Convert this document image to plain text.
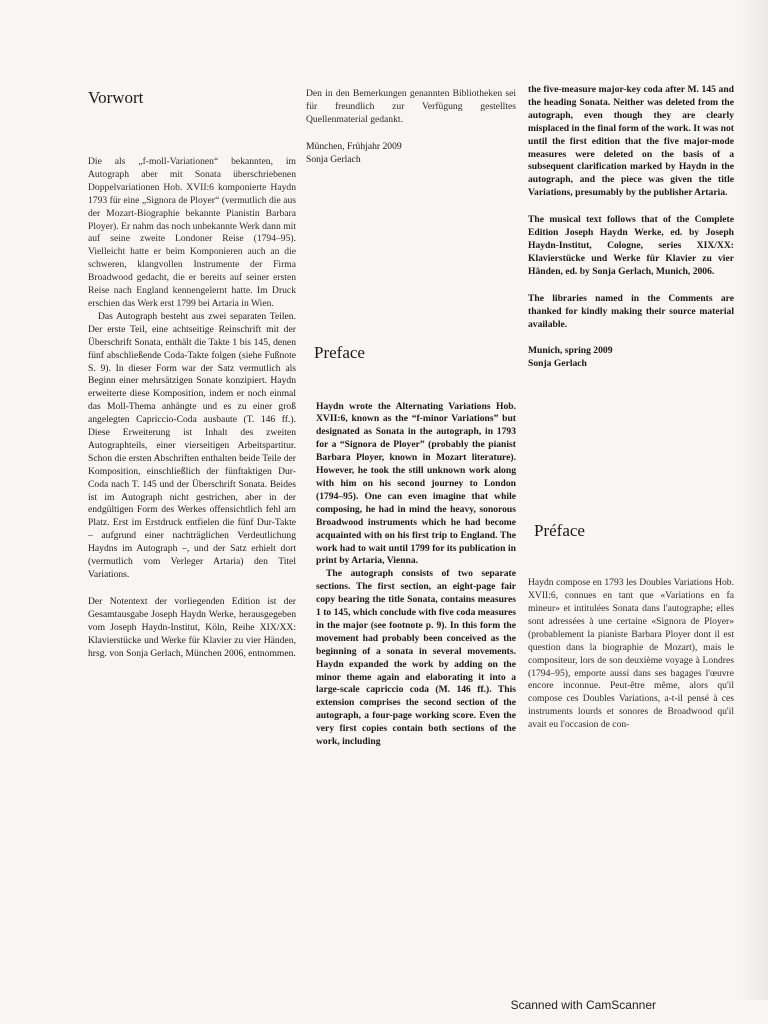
Vorwort

Die als „f-moll-Variationen“ bekannten, im Autograph aber mit Sonata überschriebenen Doppelvariationen Hob. XVII:6 komponierte Haydn 1793 für eine „Signora de Ployer“ (vermutlich die aus der Mozart-Biographie bekannte Pianistin Barbara Ployer). Er nahm das noch unbekannte Werk dann mit auf seine zweite Londoner Reise (1794–95). Vielleicht hatte er beim Komponieren auch an die schweren, klangvollen Instrumente der Firma Broadwood gedacht, die er bereits auf seiner ersten Reise nach England kennengelernt hatte. Im Druck erschien das Werk erst 1799 bei Artaria in Wien.

Das Autograph besteht aus zwei separaten Teilen. Der erste Teil, eine achtseitige Reinschrift mit der Überschrift Sonata, enthält die Takte 1 bis 145, denen fünf abschließende Coda-Takte folgen (siehe Fußnote S. 9). In dieser Form war der Satz vermutlich als Beginn einer mehrsätzigen Sonate konzipiert. Haydn erweiterte diese Komposition, indem er noch einmal das Moll-Thema anhängte und es zu einer groß angelegten Capriccio-Coda ausbaute (T. 146 ff.). Diese Erweiterung ist Inhalt des zweiten Autographteils, einer vierseitigen Arbeitspartitur. Schon die ersten Abschriften enthalten beide Teile der Komposition, einschließlich der fünftaktigen Dur-Coda nach T. 145 und der Überschrift Sonata. Beides ist im Autograph nicht gestrichen, aber in der endgültigen Form des Werkes offensichtlich fehl am Platz. Erst im Erstdruck entfielen die fünf Dur-Takte – aufgrund einer nachträglichen Verdeutlichung Haydns im Autograph –, und der Satz erhielt dort (vermutlich vom Verleger Artaria) den Titel Variations.

Der Notentext der vorliegenden Edition ist der Gesamtausgabe Joseph Haydn Werke, herausgegeben vom Joseph Haydn-Institut, Köln, Reihe XIX/XX: Klavierstücke und Werke für Klavier zu vier Händen, hrsg. von Sonja Gerlach, München 2006, entnommen.

Den in den Bemerkungen genannten Bibliotheken sei für freundlich zur Verfügung gestelltes Quellenmaterial gedankt.

München, Frühjahr 2009

Sonja Gerlach

Preface

Haydn wrote the Alternating Variations Hob. XVII:6, known as the “f-minor Variations” but designated as Sonata in the autograph, in 1793 for a “Signora de Ployer” (probably the pianist Barbara Ployer, known in Mozart literature). However, he took the still unknown work along with him on his second journey to London (1794–95). One can even imagine that while composing, he had in mind the heavy, sonorous Broadwood instruments which he had become acquainted with on his first trip to England. The work had to wait until 1799 for its publication in print by Artaria, Vienna.

The autograph consists of two separate sections. The first section, an eight-page fair copy bearing the title Sonata, contains measures 1 to 145, which conclude with five coda measures in the major (see footnote p. 9). In this form the movement had probably been conceived as the beginning of a sonata in several movements. Haydn expanded the work by adding on the minor theme again and elaborating it into a large-scale capriccio coda (M. 146 ff.). This extension comprises the second section of the autograph, a four-page working score. Even the very first copies contain both sections of the work, including

the five-measure major-key coda after M. 145 and the heading Sonata. Neither was deleted from the autograph, even though they are clearly misplaced in the final form of the work. It was not until the first edition that the five major-mode measures were deleted on the basis of a subsequent clarification marked by Haydn in the autograph, and the piece was given the title Variations, presumably by the publisher Artaria.

The musical text follows that of the Complete Edition Joseph Haydn Werke, ed. by Joseph Haydn-Institut, Cologne, series XIX/XX: Klavierstücke und Werke für Klavier zu vier Händen, ed. by Sonja Gerlach, Munich, 2006.

The libraries named in the Comments are thanked for kindly making their source material available.

Munich, spring 2009

Sonja Gerlach

Préface

Haydn compose en 1793 les Doubles Variations Hob. XVII:6, connues en tant que «Variations en fa mineur» et intitulées Sonata dans l'autographe; elles sont adressées à une certaine «Signora de Ployer» (probablement la pianiste Barbara Ployer dont il est question dans la biographie de Mozart), mais le compositeur, lors de son deuxième voyage à Londres (1794–95), emporte aussi dans ses bagages l'œuvre encore inconnue. Peut-être même, alors qu'il compose ces Doubles Variations, a-t-il pensé à ces instruments lourds et sonores de Broadwood qu'il avait eu l'occasion de con-

Scanned with CamScanner
